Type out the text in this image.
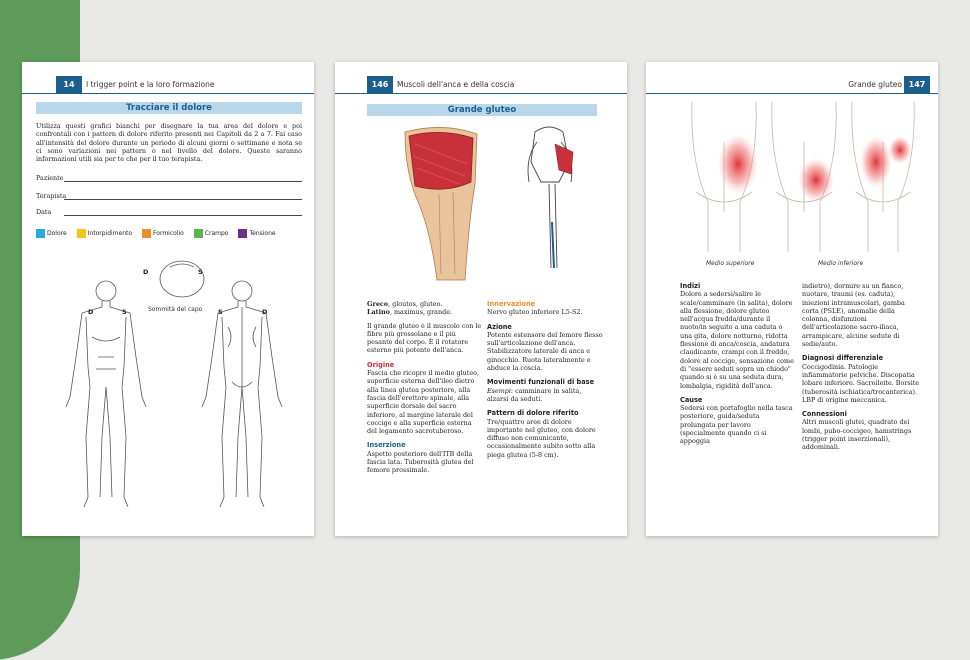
14	I trigger point e la loro formazione
Tracciare il dolore
Utilizza questi grafici bianchi per disegnare la tua area del dolore e poi confrontali con i pattern di dolore riferito presenti nei Capitoli da 2 a 7. Fai caso all'intensità del dolore durante un periodo di alcuni giorni o settimane e nota se ci sono variazioni nei pattern o nel livello del dolore. Queste saranno informazioni utili sia per te che per il tuo terapista.
Paziente
Terapista
Data
Dolore	Intorpidimento	Formicolio	Crampo	Tensione
D	S
D	S	S	D
Sommità del capo
146	Muscoli dell'anca e della coscia
Grande gluteo
Greco, gloutos, gluteo.
Latino, maximus, grande.
Il grande gluteo è il muscolo con le fibre più grossolane e il più pesante del corpo. È il rotatore esterno più potente dell'anca.
Origine
Fascia che ricopre il medio gluteo, superficie esterna dell'ileo dietro alla linea glutea posteriore, alla fascia dell'erettore spinale, alla superficie dorsale del sacro inferiore, al margine laterale del coccige e alla superficie esterna del legamento sacrotuberoso.
Inserzione
Aspetto posteriore dell'ITB della fascia lata. Tuberosità glutea del femore prossimale.
Innervazione
Nervo gluteo inferiore L5-S2.
Azione
Potente estensore del femore flesso sull'articolazione dell'anca. Stabilizzatore laterale di anca e ginocchio. Ruota lateralmente e abduce la coscia.
Movimenti funzionali di base
Esempi: camminare in salita, alzarsi da seduti.
Pattern di dolore riferito
Tre/quattro aree di dolore importante nel gluteo, con dolore diffuso non comunicante, occasionalmente subito sotto alla piega glutea (5-8 cm).
Grande gluteo 147
Medio superiore	Medio inferiore
Indizi
Dolore a sedersi/salire le scale/camminare (in salita), dolore alla flessione, dolore gluteo nell'acqua fredda/durante il nuoto/in seguito a una caduta o una gita, dolore notturno, ridotta flessione di anca/coscia, andatura claudicante, crampi con il freddo, dolore al coccige, sensazione come di "essere seduti sopra un chiodo" quando si è su una seduta dura, lombalgia, rigidità dell'anca.
Cause
Sedersi con portafoglio nella tasca posteriore, guida/seduta prolungata per lavoro (specialmente quando ci si appoggia
indietro), dormire su un fianco, nuotare, traumi (es. caduta), iniezioni intramuscolari, gamba corta (PSLE), anomalie della colonna, disfunzioni dell'articolazione sacro-iliaca, arrampicare, alcune sedute di sedie/auto.
Diagnosi differenziale
Coccigodinia. Patologie infiammatorie pelviche. Discopatia lobare inferiore. Sacroileite. Borsite (tuberosità ischiatica/trocanterica). LBP di origine meccanica.
Connessioni
Altri muscoli glutei, quadrato dei lombi, pubo-coccigeo, hamstrings (trigger point inserzionali), addominali.
